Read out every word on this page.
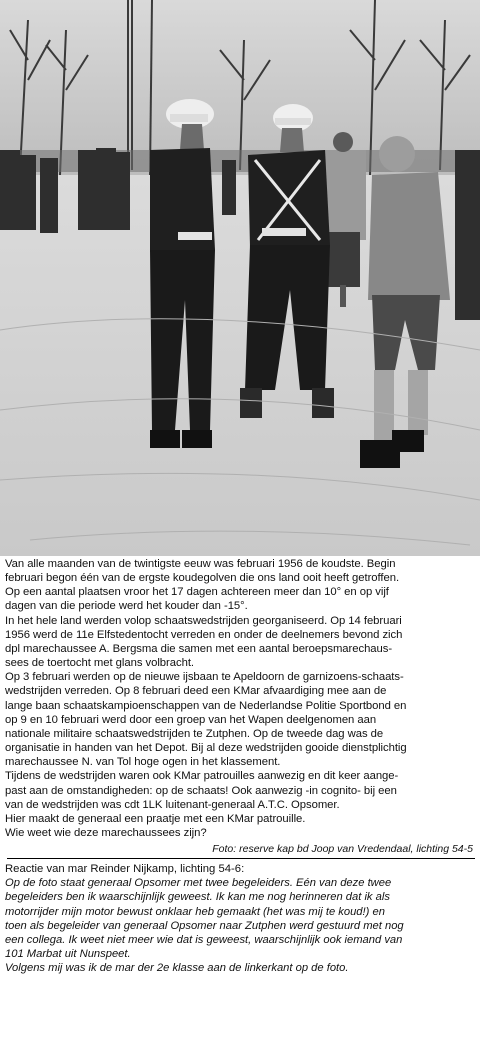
Van alle maanden van de twintigste eeuw was februari 1956 de koudste. Begin

februari begon één van de ergste koudegolven die ons land ooit heeft getroffen.

Op een aantal plaatsen vroor het 17 dagen achtereen meer dan 10° en op vijf

dagen van die periode werd het kouder dan -15°.

In het hele land werden volop schaatswedstrijden georganiseerd. Op 14 februari

1956 werd de 11e Elfstedentocht verreden en onder de deelnemers bevond zich

dpl marechaussee A. Bergsma die samen met een aantal beroepsmarechaus-

sees de toertocht met glans volbracht.

Op 3 februari werden op de nieuwe ijsbaan te Apeldoorn de garnizoens-schaats-

wedstrijden verreden. Op 8 februari deed een KMar afvaardiging mee aan de

lange baan schaatskampioenschappen van de Nederlandse Politie Sportbond en

op 9 en 10 februari werd door een groep van het Wapen deelgenomen aan

nationale militaire schaatswedstrijden te Zutphen. Op de tweede dag was de

organisatie in handen van het Depot. Bij al deze wedstrijden gooide dienstplichtig

marechaussee N. van Tol hoge ogen in het klassement.

Tijdens de wedstrijden waren ook KMar patrouilles aanwezig en dit keer aange-

past aan de omstandigheden: op de schaats! Ook aanwezig -in cognito- bij een

van de wedstrijden was cdt 1LK luitenant-generaal A.T.C. Opsomer.

Hier maakt de generaal een praatje met een KMar patrouille.

Wie weet wie deze marechaussees zijn?

Foto: reserve kap bd Joop van Vredendaal, lichting 54-5

Reactie van mar Reinder Nijkamp, lichting 54-6:

Op de foto staat generaal Opsomer met twee begeleiders. Eén van deze twee

begeleiders ben ik waarschijnlijk geweest. Ik kan me nog herinneren dat ik als

motorrijder mijn motor bewust onklaar heb gemaakt (het was mij te koud!) en

toen als begeleider van generaal Opsomer naar Zutphen werd gestuurd met nog

een collega. Ik weet niet meer wie dat is geweest, waarschijnlijk ook iemand van

101 Marbat uit Nunspeet.

Volgens mij was ik de mar der 2e klasse aan de linkerkant op de foto.
